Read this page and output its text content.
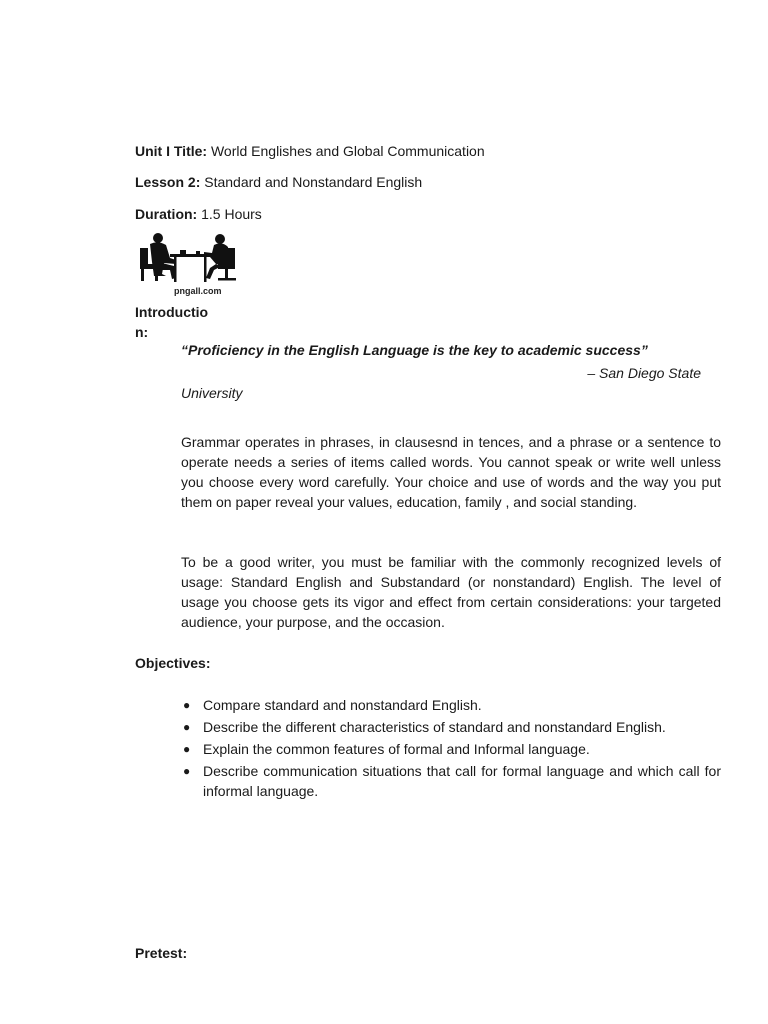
Unit I Title: World Englishes and Global Communication
Lesson 2: Standard and Nonstandard English
Duration: 1.5 Hours
pngall.com
Introduction:
“Proficiency in the English Language is the key to academic success”
– San Diego State
University
Grammar operates in phrases, in clausesnd in tences, and a phrase or a sentence to operate needs a series of items called words. You cannot speak or write well unless you choose every word carefully. Your choice and use of words and the way you put them on paper reveal your values, education, family , and social standing.
To be a good writer, you must be familiar with the commonly recognized levels of usage: Standard English and Substandard (or nonstandard) English. The level of usage you choose gets its vigor and effect from certain considerations: your targeted audience, your purpose, and the occasion.
Objectives:
● Compare standard and nonstandard English.
● Describe the different characteristics of standard and nonstandard English.
● Explain the common features of formal and Informal language.
● Describe communication situations that call for formal language and which call for informal language.
Pretest:
